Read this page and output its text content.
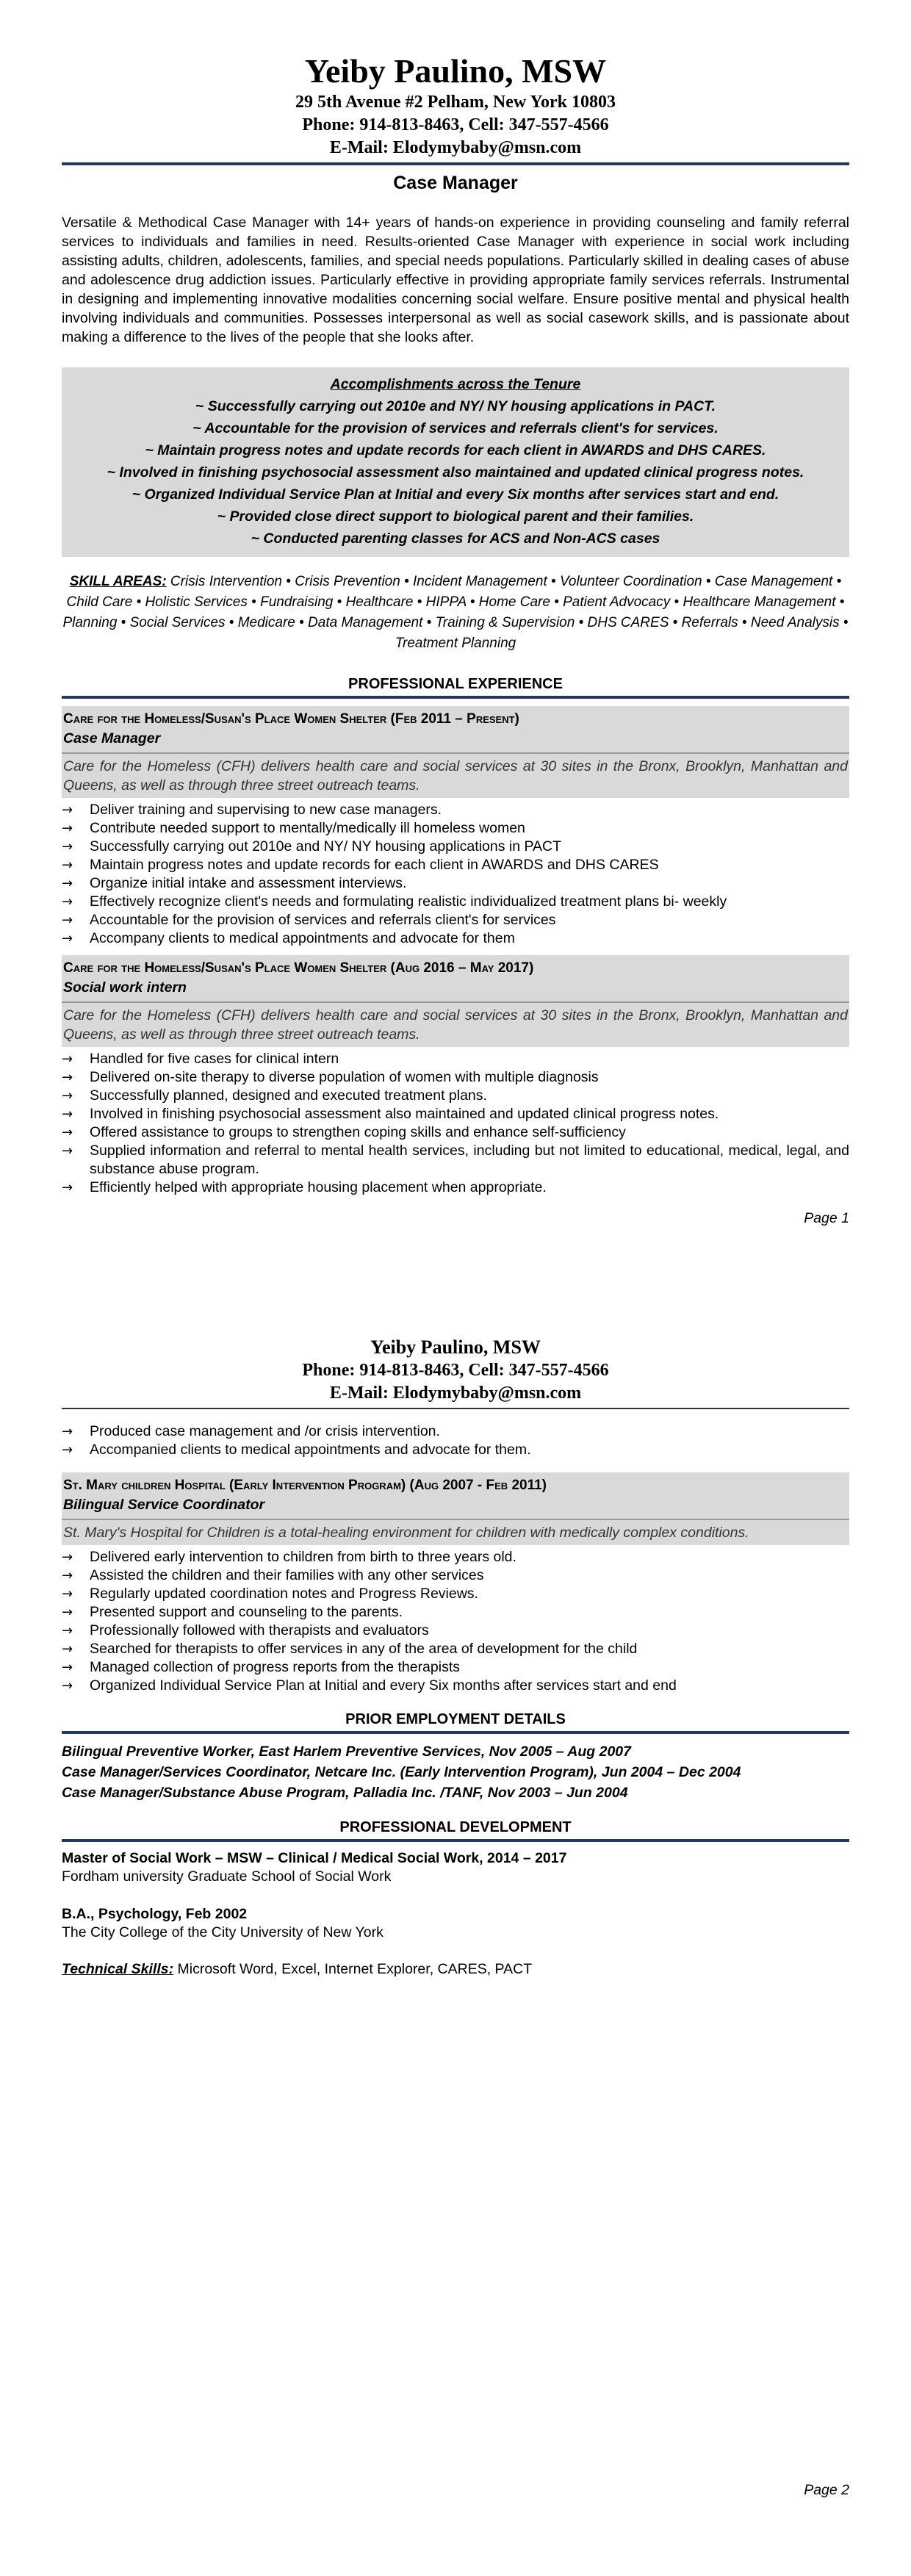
Yeiby Paulino, MSW
29 5th Avenue #2 Pelham, New York 10803
Phone: 914-813-8463, Cell: 347-557-4566
E-Mail: Elodymybaby@msn.com
Case Manager
Versatile & Methodical Case Manager with 14+ years of hands-on experience in providing counseling and family referral services to individuals and families in need. Results-oriented Case Manager with experience in social work including assisting adults, children, adolescents, families, and special needs populations. Particularly skilled in dealing cases of abuse and adolescence drug addiction issues. Particularly effective in providing appropriate family services referrals. Instrumental in designing and implementing innovative modalities concerning social welfare. Ensure positive mental and physical health involving individuals and communities. Possesses interpersonal as well as social casework skills, and is passionate about making a difference to the lives of the people that she looks after.
Accomplishments across the Tenure
~ Successfully carrying out 2010e and NY/ NY housing applications in PACT.
~ Accountable for the provision of services and referrals client's for services.
~ Maintain progress notes and update records for each client in AWARDS and DHS CARES.
~ Involved in finishing psychosocial assessment also maintained and updated clinical progress notes.
~ Organized Individual Service Plan at Initial and every Six months after services start and end.
~ Provided close direct support to biological parent and their families.
~ Conducted parenting classes for ACS and Non-ACS cases
SKILL AREAS: Crisis Intervention • Crisis Prevention • Incident Management • Volunteer Coordination • Case Management • Child Care • Holistic Services • Fundraising • Healthcare • HIPPA • Home Care • Patient Advocacy • Healthcare Management • Planning • Social Services • Medicare • Data Management • Training & Supervision • DHS CARES • Referrals • Need Analysis • Treatment Planning
PROFESSIONAL EXPERIENCE
Care for the Homeless/Susan's Place Women Shelter (Feb 2011 – Present)
Case Manager
Care for the Homeless (CFH) delivers health care and social services at 30 sites in the Bronx, Brooklyn, Manhattan and Queens, as well as through three street outreach teams.
→ Deliver training and supervising to new case managers.
→ Contribute needed support to mentally/medically ill homeless women
→ Successfully carrying out 2010e and NY/ NY housing applications in PACT
→ Maintain progress notes and update records for each client in AWARDS and DHS CARES
→ Organize initial intake and assessment interviews.
→ Effectively recognize client's needs and formulating realistic individualized treatment plans bi- weekly
→ Accountable for the provision of services and referrals client's for services
→ Accompany clients to medical appointments and advocate for them
Care for the Homeless/Susan's Place Women Shelter (Aug 2016 – May 2017)
Social work intern
Care for the Homeless (CFH) delivers health care and social services at 30 sites in the Bronx, Brooklyn, Manhattan and Queens, as well as through three street outreach teams.
→ Handled for five cases for clinical intern
→ Delivered on-site therapy to diverse population of women with multiple diagnosis
→ Successfully planned, designed and executed treatment plans.
→ Involved in finishing psychosocial assessment also maintained and updated clinical progress notes.
→ Offered assistance to groups to strengthen coping skills and enhance self-sufficiency
→ Supplied information and referral to mental health services, including but not limited to educational, medical, legal, and substance abuse program.
→ Efficiently helped with appropriate housing placement when appropriate.
Page 1
Yeiby Paulino, MSW
Phone: 914-813-8463, Cell: 347-557-4566
E-Mail: Elodymybaby@msn.com
→ Produced case management and /or crisis intervention.
→ Accompanied clients to medical appointments and advocate for them.
St. Mary children Hospital (Early Intervention Program) (Aug 2007 - Feb 2011)
Bilingual Service Coordinator
St. Mary's Hospital for Children is a total-healing environment for children with medically complex conditions.
→ Delivered early intervention to children from birth to three years old.
→ Assisted the children and their families with any other services
→ Regularly updated coordination notes and Progress Reviews.
→ Presented support and counseling to the parents.
→ Professionally followed with therapists and evaluators
→ Searched for therapists to offer services in any of the area of development for the child
→ Managed collection of progress reports from the therapists
→ Organized Individual Service Plan at Initial and every Six months after services start and end
PRIOR EMPLOYMENT DETAILS
Bilingual Preventive Worker, East Harlem Preventive Services, Nov 2005 – Aug 2007
Case Manager/Services Coordinator, Netcare Inc. (Early Intervention Program), Jun 2004 – Dec 2004
Case Manager/Substance Abuse Program, Palladia Inc. /TANF, Nov 2003 – Jun 2004
PROFESSIONAL DEVELOPMENT
Master of Social Work – MSW – Clinical / Medical Social Work, 2014 – 2017
Fordham university Graduate School of Social Work
B.A., Psychology, Feb 2002
The City College of the City University of New York
Technical Skills: Microsoft Word, Excel, Internet Explorer, CARES, PACT
Page 2
